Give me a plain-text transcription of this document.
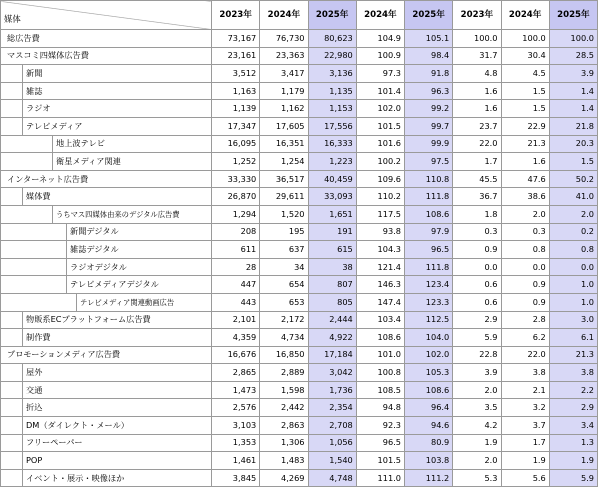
媒体	2023年	2024年	2025年	2024年	2025年	2023年	2024年	2025年

総広告費	73,167	76,730	80,623	104.9	105.1	100.0	100.0	100.0

マスコミ四媒体広告費	23,161	23,363	22,980	100.9	98.4	31.7	30.4	28.5

新聞	3,512	3,417	3,136	97.3	91.8	4.8	4.5	3.9

雑誌	1,163	1,179	1,135	101.4	96.3	1.6	1.5	1.4

ラジオ	1,139	1,162	1,153	102.0	99.2	1.6	1.5	1.4

テレビメディア	17,347	17,605	17,556	101.5	99.7	23.7	22.9	21.8

地上波テレビ	16,095	16,351	16,333	101.6	99.9	22.0	21.3	20.3

衛星メディア関連	1,252	1,254	1,223	100.2	97.5	1.7	1.6	1.5

インターネット広告費	33,330	36,517	40,459	109.6	110.8	45.5	47.6	50.2

媒体費	26,870	29,611	33,093	110.2	111.8	36.7	38.6	41.0

うちマス四媒体由来のデジタル広告費	1,294	1,520	1,651	117.5	108.6	1.8	2.0	2.0

新聞デジタル	208	195	191	93.8	97.9	0.3	0.3	0.2

雑誌デジタル	611	637	615	104.3	96.5	0.9	0.8	0.8

ラジオデジタル	28	34	38	121.4	111.8	0.0	0.0	0.0

テレビメディアデジタル	447	654	807	146.3	123.4	0.6	0.9	1.0

テレビメディア関連動画広告	443	653	805	147.4	123.3	0.6	0.9	1.0

物販系ECプラットフォーム広告費	2,101	2,172	2,444	103.4	112.5	2.9	2.8	3.0

制作費	4,359	4,734	4,922	108.6	104.0	5.9	6.2	6.1

プロモーションメディア広告費	16,676	16,850	17,184	101.0	102.0	22.8	22.0	21.3

屋外	2,865	2,889	3,042	100.8	105.3	3.9	3.8	3.8

交通	1,473	1,598	1,736	108.5	108.6	2.0	2.1	2.2

折込	2,576	2,442	2,354	94.8	96.4	3.5	3.2	2.9

DM（ダイレクト・メール）	3,103	2,863	2,708	92.3	94.6	4.2	3.7	3.4

フリーペーパー	1,353	1,306	1,056	96.5	80.9	1.9	1.7	1.3

POP	1,461	1,483	1,540	101.5	103.8	2.0	1.9	1.9

イベント・展示・映像ほか	3,845	4,269	4,748	111.0	111.2	5.3	5.6	5.9
